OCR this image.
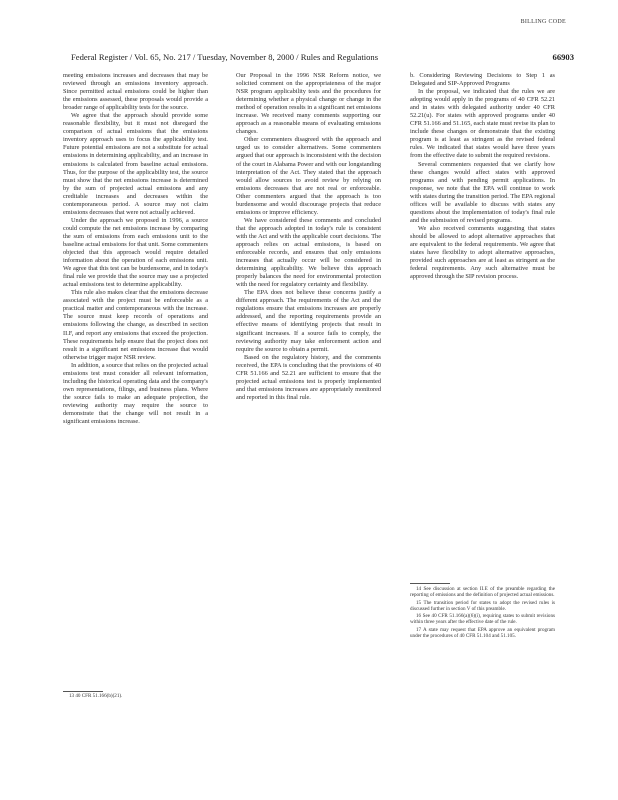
BILLING CODE
66903
Federal Register / Vol. 65, No. 217 / Tuesday, November 8, 2000 / Rules and Regulations

meeting emissions increases and decreases that may be reviewed through an emissions inventory approach. Since permitted actual emissions could be higher than the emissions assessed, these proposals would provide a broader range of applicability tests for the source.

We agree that the approach should provide some reasonable flexibility, but it must not disregard the comparison of actual emissions that the emissions inventory approach uses to focus the applicability test. Future potential emissions are not a substitute for actual emissions in determining applicability, and an increase in emissions is calculated from baseline actual emissions. Thus, for the purpose of the applicability test, the source must show that the net emissions increase is determined by the sum of projected actual emissions and any creditable increases and decreases within the contemporaneous period. A source may not claim emissions decreases that were not actually achieved.

Under the approach we proposed in 1996, a source could compute the net emissions increase by comparing the sum of emissions from each emissions unit to the baseline actual emissions for that unit. Some commenters objected that this approach would require detailed information about the operation of each emissions unit. We agree that this test can be burdensome, and in today's final rule we provide that the source may use a projected actual emissions test to determine applicability.

This rule also makes clear that the emissions decrease associated with the project must be enforceable as a practical matter and contemporaneous with the increase. The source must keep records of operations and emissions following the change, as described in section II.F, and report any emissions that exceed the projection. These requirements help ensure that the project does not result in a significant net emissions increase that would otherwise trigger major NSR review.

In addition, a source that relies on the projected actual emissions test must consider all relevant information, including the historical operating data and the company's own representations, filings, and business plans. Where the source fails to make an adequate projection, the reviewing authority may require the source to demonstrate that the change will not result in a significant emissions increase.

Our Proposal in the 1996 NSR Reform notice, we solicited comment on the appropriateness of the major NSR program applicability tests and the procedures for determining whether a physical change or change in the method of operation results in a significant net emissions increase. We received many comments supporting our approach as a reasonable means of evaluating emissions changes.

Other commenters disagreed with the approach and urged us to consider alternatives. Some commenters argued that our approach is inconsistent with the decision of the court in Alabama Power and with our longstanding interpretation of the Act. They stated that the approach would allow sources to avoid review by relying on emissions decreases that are not real or enforceable. Other commenters argued that the approach is too burdensome and would discourage projects that reduce emissions or improve efficiency.

We have considered these comments and concluded that the approach adopted in today's rule is consistent with the Act and with the applicable court decisions. The approach relies on actual emissions, is based on enforceable records, and ensures that only emissions increases that actually occur will be considered in determining applicability. We believe this approach properly balances the need for environmental protection with the need for regulatory certainty and flexibility.

The EPA does not believe these concerns justify a different approach. The requirements of the Act and the regulations ensure that emissions increases are properly addressed, and the reporting requirements provide an effective means of identifying projects that result in significant increases. If a source fails to comply, the reviewing authority may take enforcement action and require the source to obtain a permit.

Based on the regulatory history, and the comments received, the EPA is concluding that the provisions of 40 CFR 51.166 and 52.21 are sufficient to ensure that the projected actual emissions test is properly implemented and that emissions increases are appropriately monitored and reported in this final rule.

b. Considering Reviewing Decisions to Step 1 as Delegated and SIP-Approved Programs

In the proposal, we indicated that the rules we are adopting would apply in the programs of 40 CFR 52.21 and in states with delegated authority under 40 CFR 52.21(u). For states with approved programs under 40 CFR 51.166 and 51.165, each state must revise its plan to include these changes or demonstrate that the existing program is at least as stringent as the revised federal rules. We indicated that states would have three years from the effective date to submit the required revisions.

Several commenters requested that we clarify how these changes would affect states with approved programs and with pending permit applications. In response, we note that the EPA will continue to work with states during the transition period. The EPA regional offices will be available to discuss with states any questions about the implementation of today's final rule and the submission of revised programs.

We also received comments suggesting that states should be allowed to adopt alternative approaches that are equivalent to the federal requirements. We agree that states have flexibility to adopt alternative approaches, provided such approaches are at least as stringent as the federal requirements. Any such alternative must be approved through the SIP revision process.

13 40 CFR 51.166(b)(21).

14 See discussion at section II.E of the preamble regarding the reporting of emissions and the definition of projected actual emissions.

15 The transition period for states to adopt the revised rules is discussed further in section V of this preamble.

16 See 40 CFR 51.166(a)(6)(i), requiring states to submit revisions within three years after the effective date of the rule.

17 A state may request that EPA approve an equivalent program under the procedures of 40 CFR 51.104 and 51.105.
